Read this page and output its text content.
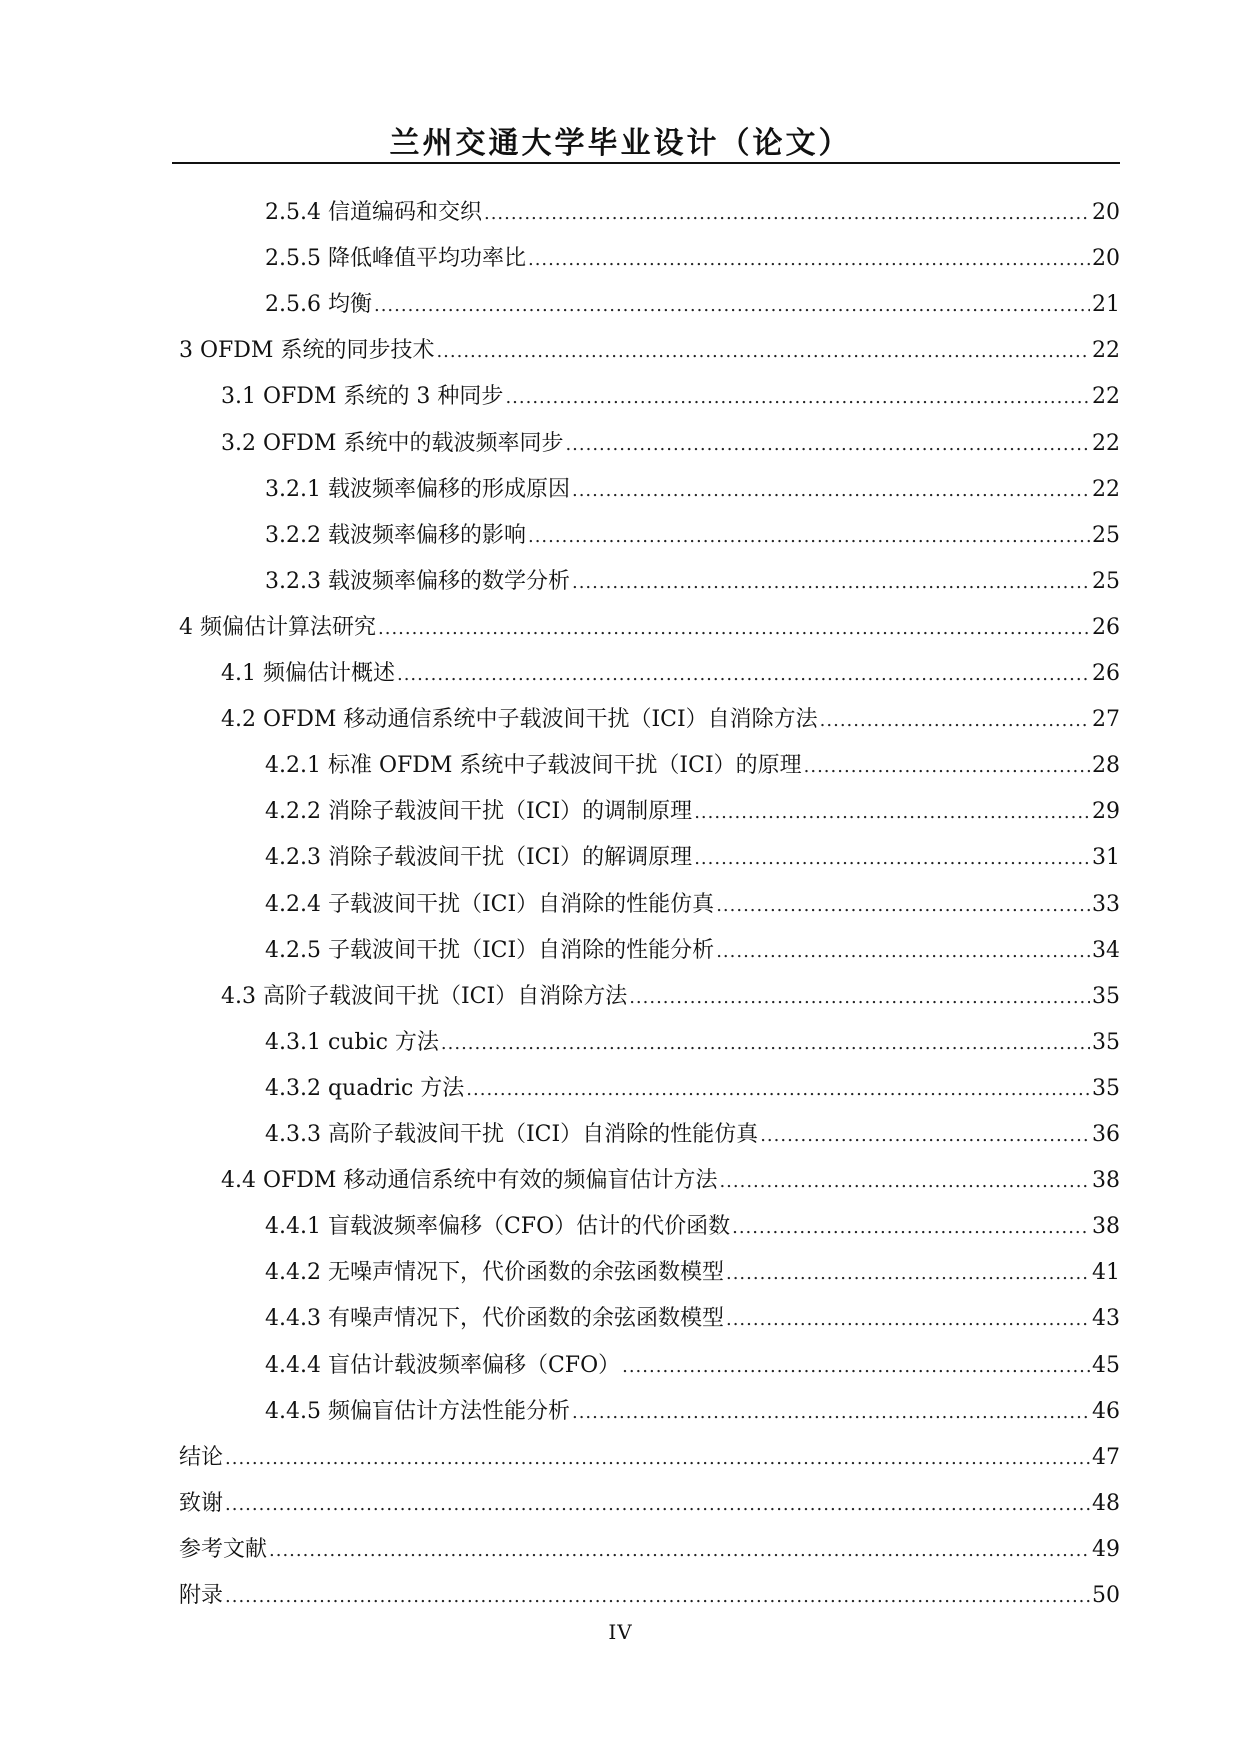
兰州交通大学毕业设计（论文）
2.5.4 信道编码和交织 .....	20
2.5.5 降低峰值平均功率比 .....	20
2.5.6 均衡 .....	21
3 OFDM 系统的同步技术 .....	22
3.1 OFDM 系统的 3 种同步 .....	22
3.2 OFDM 系统中的载波频率同步 .....	22
3.2.1 载波频率偏移的形成原因 .....	22
3.2.2 载波频率偏移的影响 .....	25
3.2.3 载波频率偏移的数学分析 .....	25
4 频偏估计算法研究 .....	26
4.1 频偏估计概述 .....	26
4.2 OFDM 移动通信系统中子载波间干扰（ICI）自消除方法 .....	27
4.2.1 标准 OFDM 系统中子载波间干扰（ICI）的原理 .....	28
4.2.2 消除子载波间干扰（ICI）的调制原理 .....	29
4.2.3 消除子载波间干扰（ICI）的解调原理 .....	31
4.2.4 子载波间干扰（ICI）自消除的性能仿真 .....	33
4.2.5 子载波间干扰（ICI）自消除的性能分析 .....	34
4.3 高阶子载波间干扰（ICI）自消除方法 .....	35
4.3.1 cubic 方法 .....	35
4.3.2 quadric 方法 .....	35
4.3.3 高阶子载波间干扰（ICI）自消除的性能仿真 .....	36
4.4 OFDM 移动通信系统中有效的频偏盲估计方法 .....	38
4.4.1 盲载波频率偏移（CFO）估计的代价函数 .....	38
4.4.2 无噪声情况下，代价函数的余弦函数模型 .....	41
4.4.3 有噪声情况下，代价函数的余弦函数模型 .....	43
4.4.4 盲估计载波频率偏移（CFO） .....	45
4.4.5 频偏盲估计方法性能分析 .....	46
结论 .....	47
致谢 .....	48
参考文献 .....	49
附录 .....	50
IV
